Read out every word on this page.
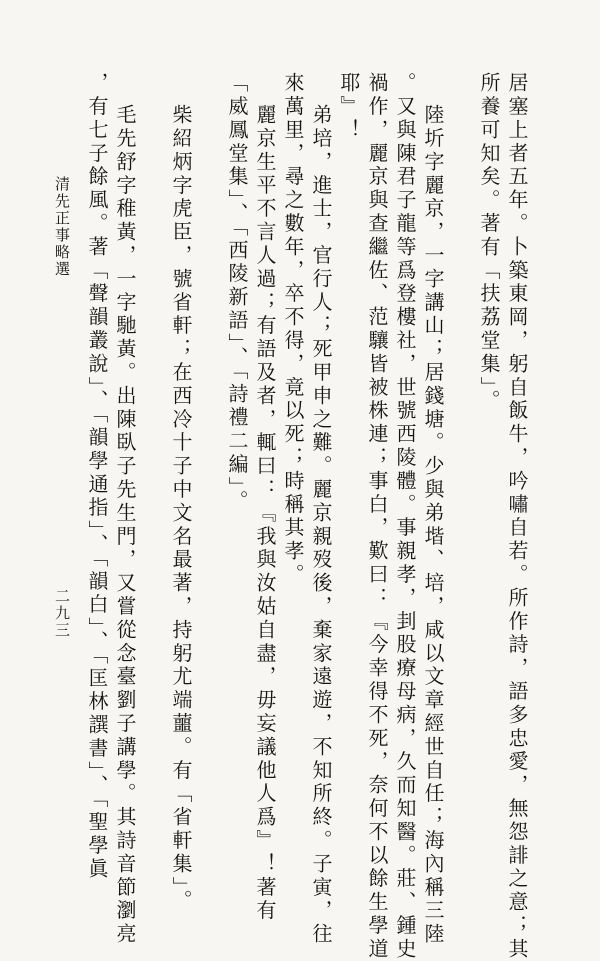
居塞上者五年。卜築東岡，躬自飯牛，吟嘯自若。所作詩，語多忠愛，無怨誹之意；其
所養可知矣。著有「扶荔堂集」。
陸圻字麗京，一字講山；居錢塘。少與弟堦、培，咸以文章經世自任；海內稱三陸
。又與陳君子龍等爲登樓社，世號西陵體。事親孝，刲股療母病，久而知醫。莊、鍾史
禍作，麗京與查繼佐、范驤皆被株連；事白，歎曰：『今幸得不死，奈何不以餘生學道
耶』！
弟培，進士，官行人；死甲申之難。麗京親歿後，棄家遠遊，不知所終。子寅，往
來萬里，尋之數年，卒不得，竟以死；時稱其孝。
麗京生平不言人過；有語及者，輒曰：『我與汝姑自盡，毋妄議他人爲』！著有
「威鳳堂集」、「西陵新語」、「詩禮二編」。
柴紹炳字虎臣，號省軒；在西冷十子中文名最著，持躬尤端蘁。有「省軒集」。
毛先舒字稚黃，一字馳黃。出陳臥子先生門，又嘗從念臺劉子講學。其詩音節瀏亮
，有七子餘風。著「聲韻叢說」、「韻學通指」、「韻白」、「匡林譔書」、「聖學眞
清先正事略選
二九三
